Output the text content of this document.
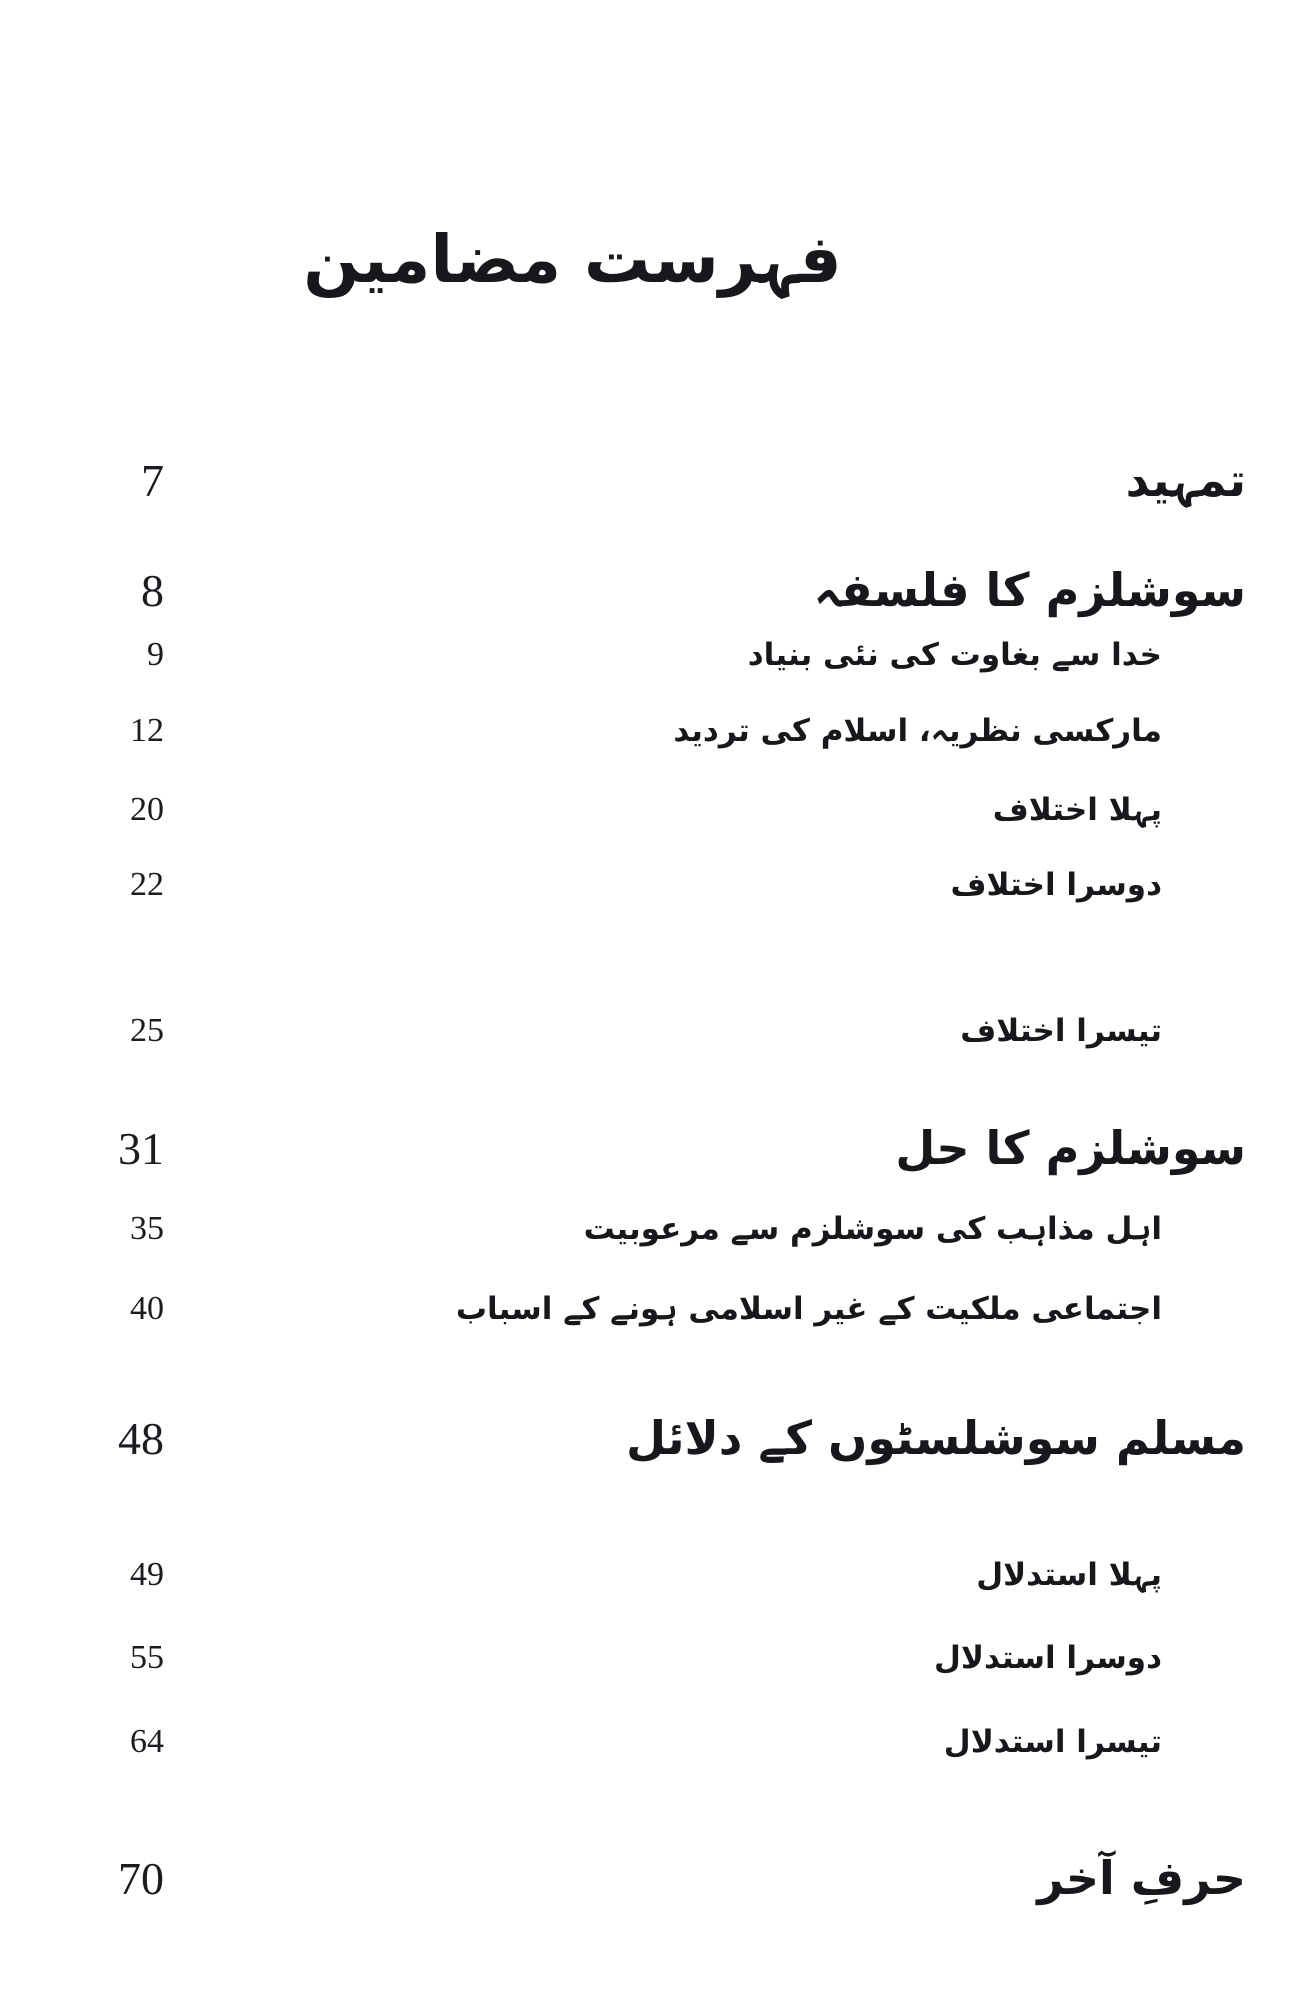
فہرست مضامین
7	تمہید
8	سوشلزم کا فلسفہ
9	خدا سے بغاوت کی نئی بنیاد
12	مارکسی نظریہ، اسلام کی تردید
20	پہلا اختلاف
22	دوسرا اختلاف
25	تیسرا اختلاف
31	سوشلزم کا حل
35	اہل مذاہب کی سوشلزم سے مرعوبیت
40	اجتماعی ملکیت کے غیر اسلامی ہونے کے اسباب
48	مسلم سوشلسٹوں کے دلائل
49	پہلا استدلال
55	دوسرا استدلال
64	تیسرا استدلال
70	حرفِ آخر
